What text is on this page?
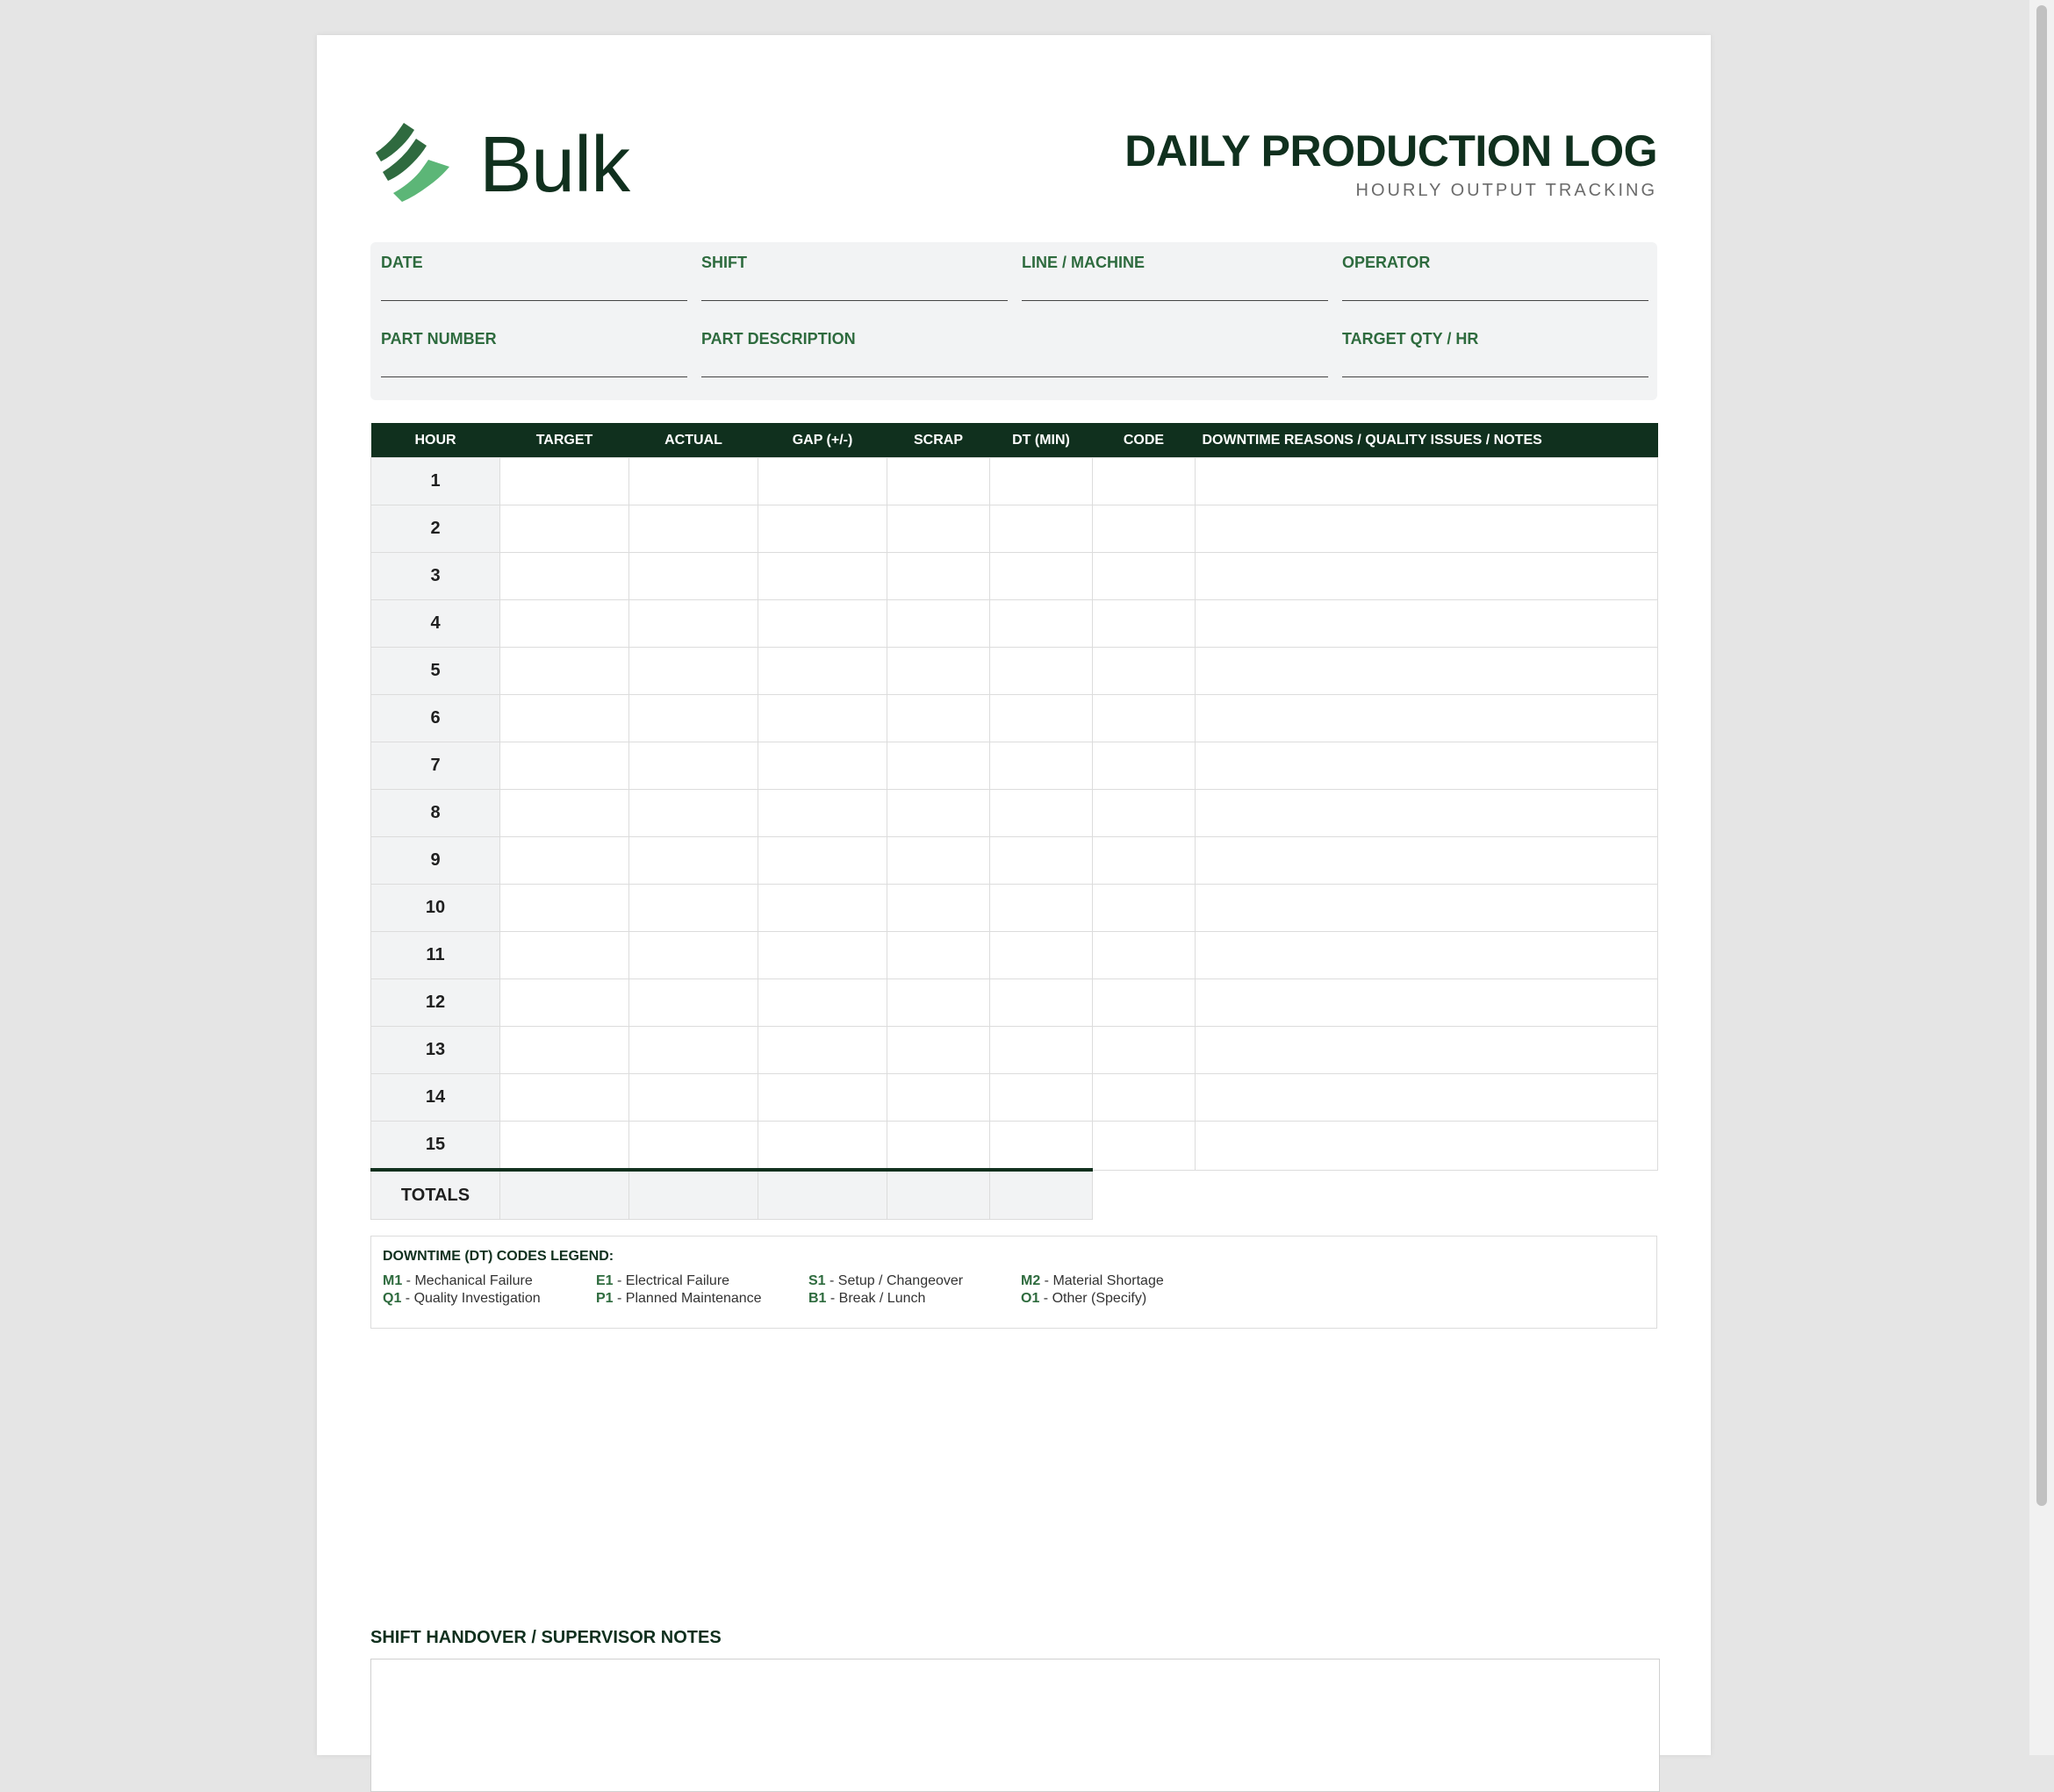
Bulk	DAILY PRODUCTION LOG
HOURLY OUTPUT TRACKING
DATE	SHIFT	LINE / MACHINE	OPERATOR
PART NUMBER	PART DESCRIPTION	TARGET QTY / HR
HOUR	TARGET	ACTUAL	GAP (+/-)	SCRAP	DT (MIN)	CODE	DOWNTIME REASONS / QUALITY ISSUES / NOTES
1							
2							
3							
4							
5							
6							
7							
8							
9							
10							
11							
12							
13							
14							
15							
TOTALS							
DOWNTIME (DT) CODES LEGEND:
M1 - Mechanical Failure	E1 - Electrical Failure	S1 - Setup / Changeover	M2 - Material Shortage
Q1 - Quality Investigation	P1 - Planned Maintenance	B1 - Break / Lunch	O1 - Other (Specify)
SHIFT HANDOVER / SUPERVISOR NOTES
